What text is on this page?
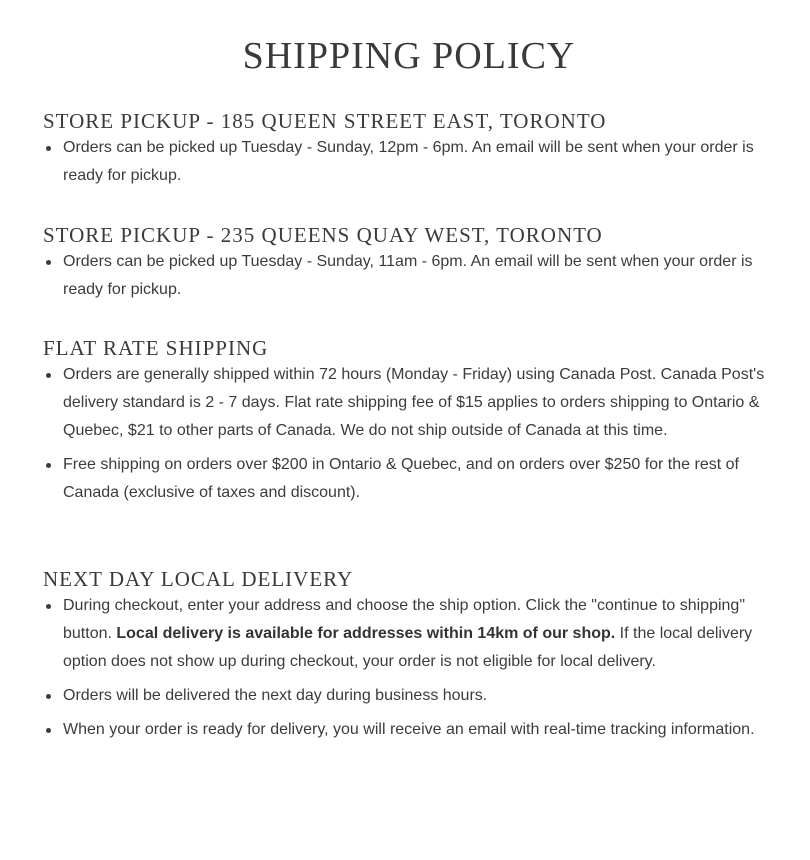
SHIPPING POLICY
STORE PICKUP - 185 QUEEN STREET EAST, TORONTO
Orders can be picked up Tuesday - Sunday, 12pm - 6pm. An email will be sent when your order is ready for pickup.
STORE PICKUP - 235 QUEENS QUAY WEST, TORONTO
Orders can be picked up Tuesday - Sunday, 11am - 6pm. An email will be sent when your order is ready for pickup.
FLAT RATE SHIPPING
Orders are generally shipped within 72 hours (Monday - Friday) using Canada Post. Canada Post's delivery standard is 2 - 7 days. Flat rate shipping fee of $15 applies to orders shipping to Ontario & Quebec, $21 to other parts of Canada. We do not ship outside of Canada at this time.
Free shipping on orders over $200 in Ontario & Quebec, and on orders over $250 for the rest of Canada (exclusive of taxes and discount).
NEXT DAY LOCAL DELIVERY
During checkout, enter your address and choose the ship option. Click the "continue to shipping" button. Local delivery is available for addresses within 14km of our shop. If the local delivery option does not show up during checkout, your order is not eligible for local delivery.
Orders will be delivered the next day during business hours.
When your order is ready for delivery, you will receive an email with real-time tracking information.
